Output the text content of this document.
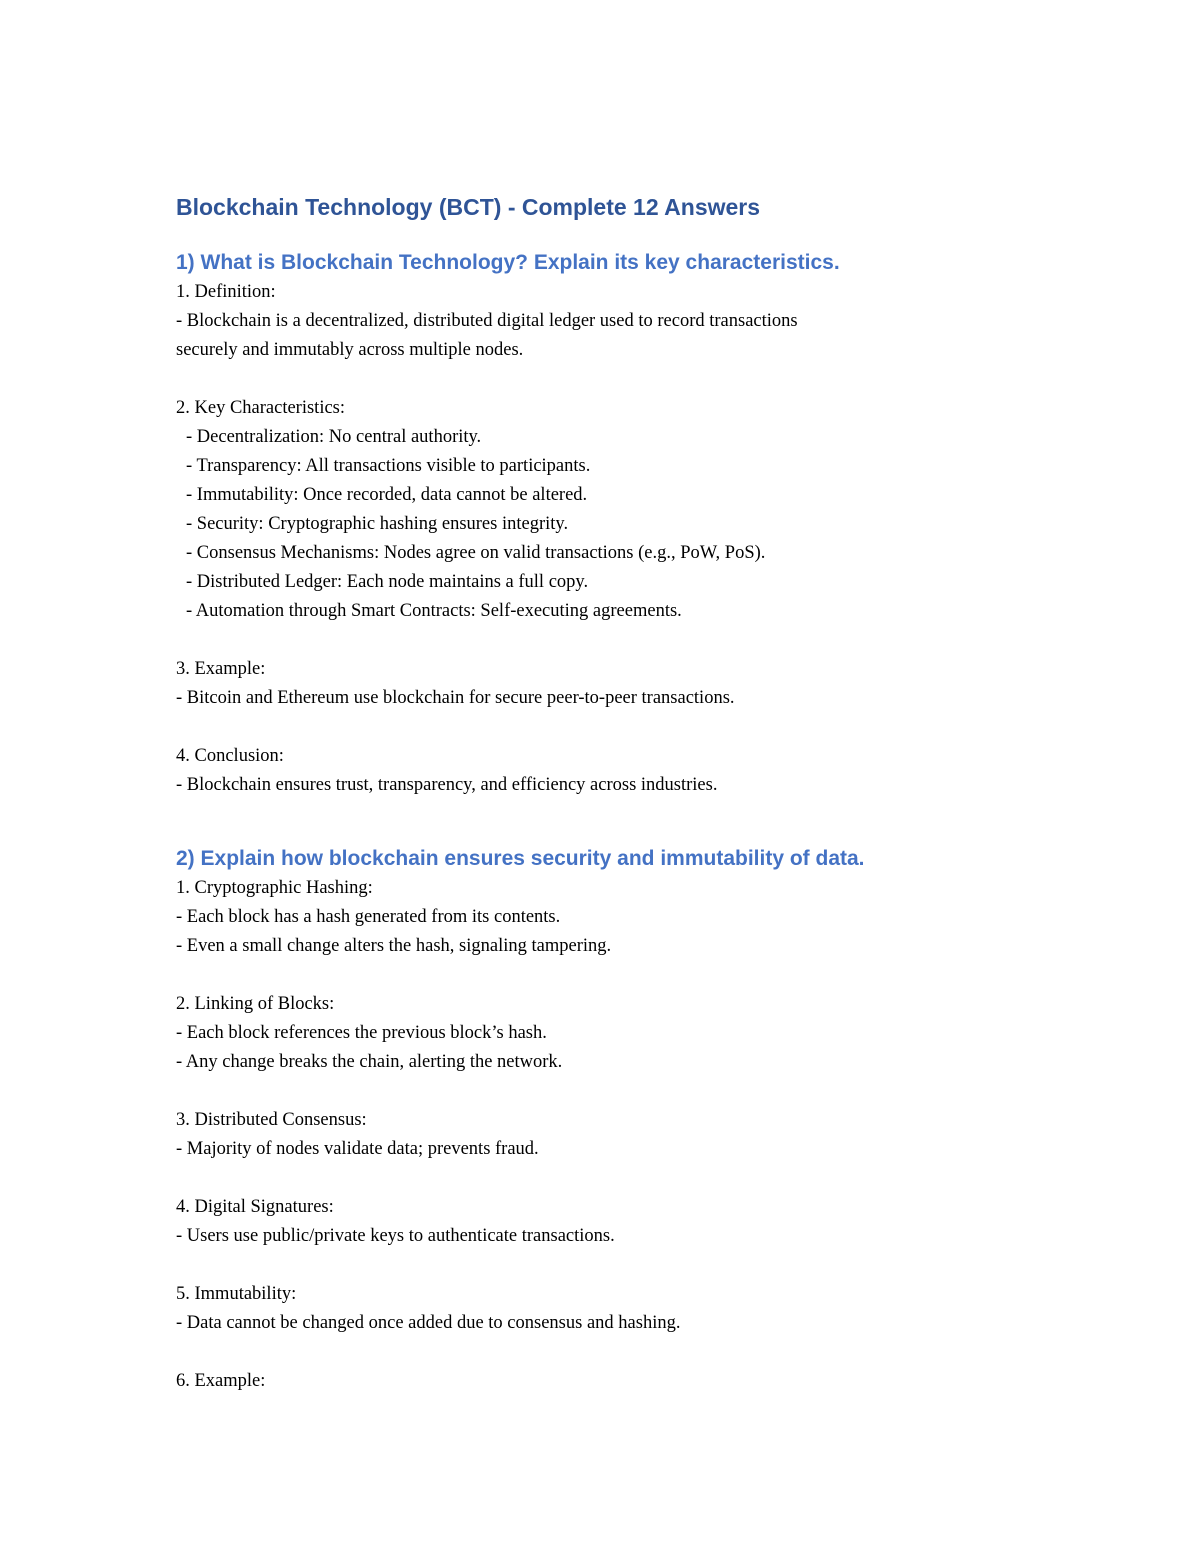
Blockchain Technology (BCT) - Complete 12 Answers
1) What is Blockchain Technology? Explain its key characteristics.

1. Definition:

- Blockchain is a decentralized, distributed digital ledger used to record transactions

securely and immutably across multiple nodes.

2. Key Characteristics:

- Decentralization: No central authority.

- Transparency: All transactions visible to participants.

- Immutability: Once recorded, data cannot be altered.

- Security: Cryptographic hashing ensures integrity.

- Consensus Mechanisms: Nodes agree on valid transactions (e.g., PoW, PoS).

- Distributed Ledger: Each node maintains a full copy.

- Automation through Smart Contracts: Self-executing agreements.

3. Example:

- Bitcoin and Ethereum use blockchain for secure peer-to-peer transactions.

4. Conclusion:

- Blockchain ensures trust, transparency, and efficiency across industries.

2) Explain how blockchain ensures security and immutability of data.

1. Cryptographic Hashing:

- Each block has a hash generated from its contents.

- Even a small change alters the hash, signaling tampering.

2. Linking of Blocks:

- Each block references the previous block’s hash.

- Any change breaks the chain, alerting the network.

3. Distributed Consensus:

- Majority of nodes validate data; prevents fraud.

4. Digital Signatures:

- Users use public/private keys to authenticate transactions.

5. Immutability:

- Data cannot be changed once added due to consensus and hashing.

6. Example:
